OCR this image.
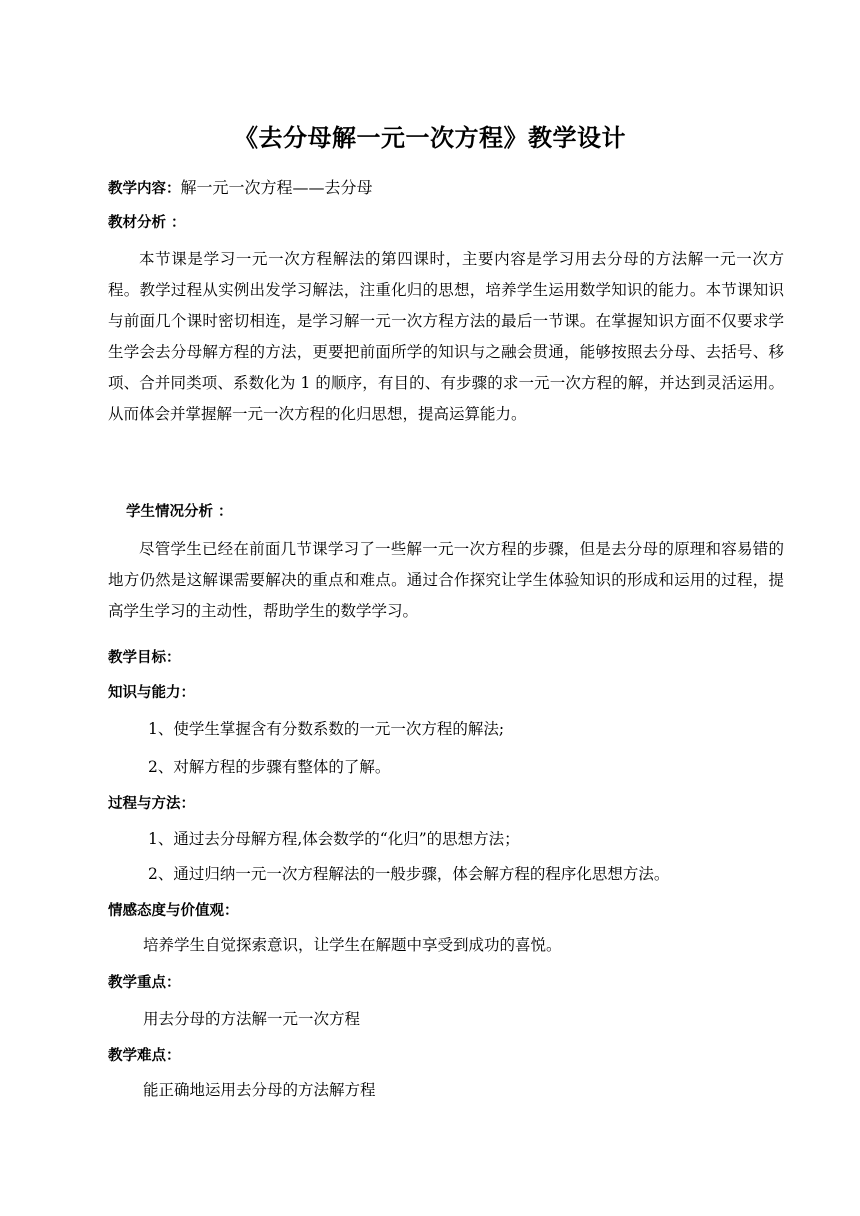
《去分母解一元一次方程》教学设计
教学内容：解一元一次方程——去分母
教材分析 ：
本节课是学习一元一次方程解法的第四课时，主要内容是学习用去分母的方法解一元一次方程。教学过程从实例出发学习解法，注重化归的思想，培养学生运用数学知识的能力。本节课知识与前面几个课时密切相连，是学习解一元一次方程方法的最后一节课。在掌握知识方面不仅要求学生学会去分母解方程的方法，更要把前面所学的知识与之融会贯通，能够按照去分母、去括号、移项、合并同类项、系数化为 1 的顺序，有目的、有步骤的求一元一次方程的解，并达到灵活运用。从而体会并掌握解一元一次方程的化归思想，提高运算能力。
学生情况分析 ：
尽管学生已经在前面几节课学习了一些解一元一次方程的步骤，但是去分母的原理和容易错的地方仍然是这解课需要解决的重点和难点。通过合作探究让学生体验知识的形成和运用的过程，提高学生学习的主动性，帮助学生的数学学习。
教学目标：
知识与能力：
1、使学生掌握含有分数系数的一元一次方程的解法;
2、对解方程的步骤有整体的了解。
过程与方法：
1、通过去分母解方程,体会数学的“化归”的思想方法；
2、通过归纳一元一次方程解法的一般步骤，体会解方程的程序化思想方法。
情感态度与价值观：
培养学生自觉探索意识，让学生在解题中享受到成功的喜悦。
教学重点：
用去分母的方法解一元一次方程
教学难点：
能正确地运用去分母的方法解方程
